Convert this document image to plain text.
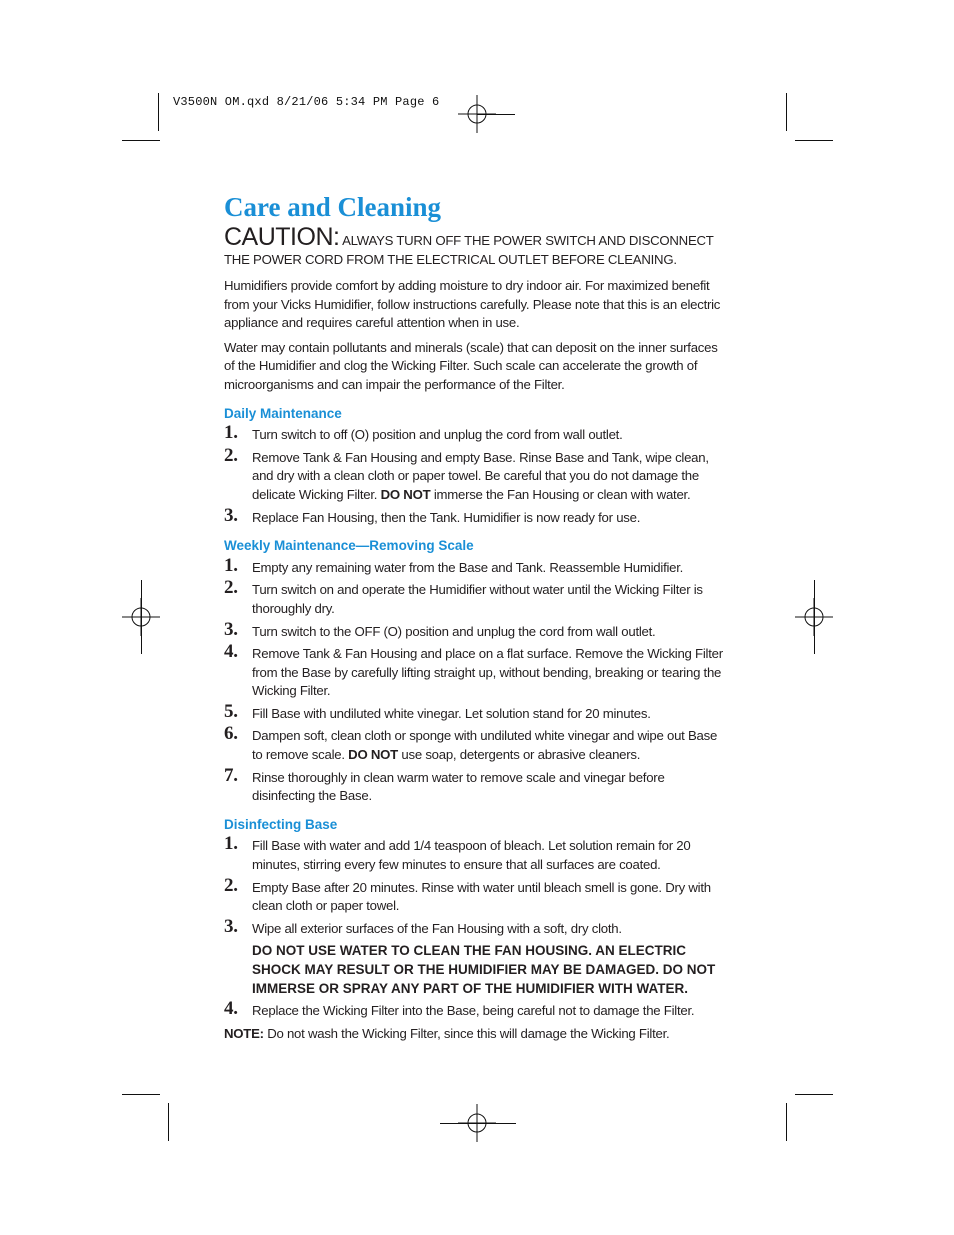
V3500N OM.qxd 8/21/06 5:34 PM Page 6
Care and Cleaning
CAUTION: ALWAYS TURN OFF THE POWER SWITCH AND DISCONNECT THE POWER CORD FROM THE ELECTRICAL OUTLET BEFORE CLEANING.

Humidifiers provide comfort by adding moisture to dry indoor air. For maximized benefit from your Vicks Humidifier, follow instructions carefully. Please note that this is an electric appliance and requires careful attention when in use.

Water may contain pollutants and minerals (scale) that can deposit on the inner surfaces of the Humidifier and clog the Wicking Filter. Such scale can accelerate the growth of microorganisms and can impair the performance of the Filter.

Daily Maintenance
1. Turn switch to off (O) position and unplug the cord from wall outlet.
2. Remove Tank & Fan Housing and empty Base. Rinse Base and Tank, wipe clean, and dry with a clean cloth or paper towel. Be careful that you do not damage the delicate Wicking Filter. DO NOT immerse the Fan Housing or clean with water.
3. Replace Fan Housing, then the Tank. Humidifier is now ready for use.
Weekly Maintenance—Removing Scale
1. Empty any remaining water from the Base and Tank. Reassemble Humidifier.
2. Turn switch on and operate the Humidifier without water until the Wicking Filter is thoroughly dry.
3. Turn switch to the OFF (O) position and unplug the cord from wall outlet.
4. Remove Tank & Fan Housing and place on a flat surface. Remove the Wicking Filter from the Base by carefully lifting straight up, without bending, breaking or tearing the Wicking Filter.
5. Fill Base with undiluted white vinegar. Let solution stand for 20 minutes.
6. Dampen soft, clean cloth or sponge with undiluted white vinegar and wipe out Base to remove scale. DO NOT use soap, detergents or abrasive cleaners.
7. Rinse thoroughly in clean warm water to remove scale and vinegar before disinfecting the Base.
Disinfecting Base
1. Fill Base with water and add 1/4 teaspoon of bleach. Let solution remain for 20 minutes, stirring every few minutes to ensure that all surfaces are coated.
2. Empty Base after 20 minutes. Rinse with water until bleach smell is gone. Dry with clean cloth or paper towel.
3. Wipe all exterior surfaces of the Fan Housing with a soft, dry cloth.
DO NOT USE WATER TO CLEAN THE FAN HOUSING. AN ELECTRIC SHOCK MAY RESULT OR THE HUMIDIFIER MAY BE DAMAGED. DO NOT IMMERSE OR SPRAY ANY PART OF THE HUMIDIFIER WITH WATER.
4. Replace the Wicking Filter into the Base, being careful not to damage the Filter.

NOTE: Do not wash the Wicking Filter, since this will damage the Wicking Filter.
